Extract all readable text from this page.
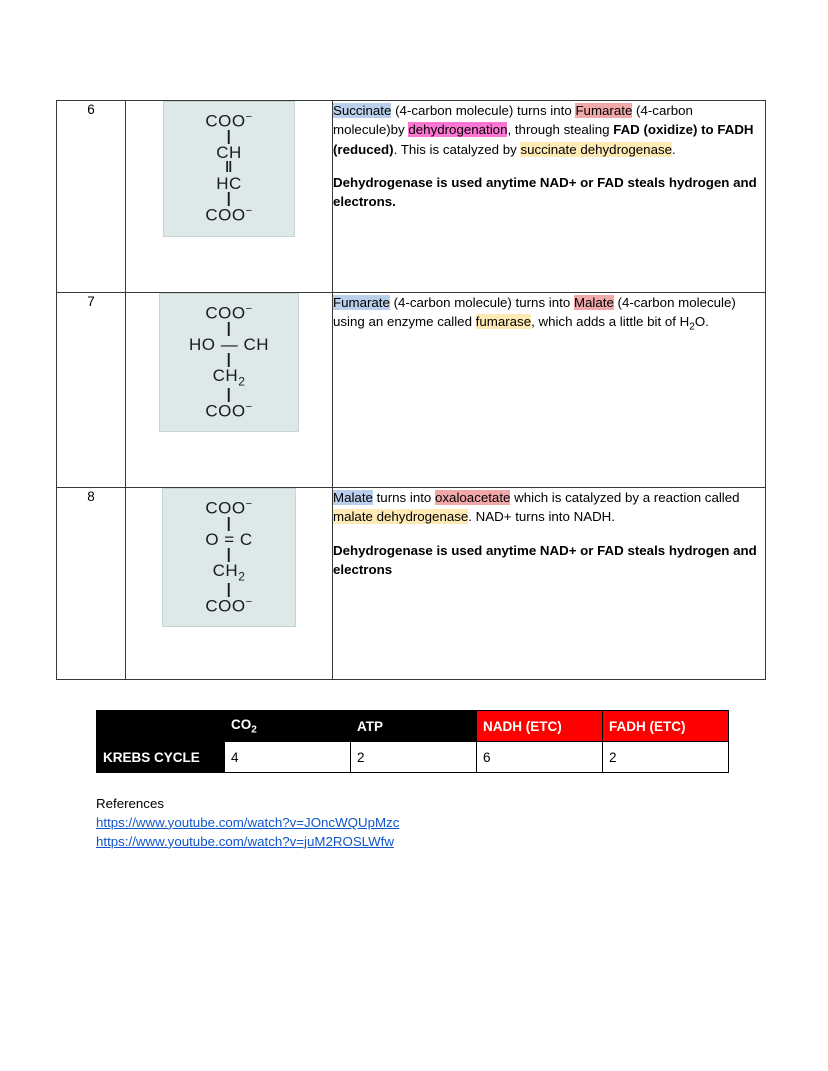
6	
COO−
|
CH
‖
HC
|
COO−

Succinate (4-carbon molecule) turns into Fumarate (4-carbon molecule)by dehydrogenation, through stealing FAD (oxidize) to FADH (reduced). This is catalyzed by succinate dehydrogenase.

Dehydrogenase is used anytime NAD+ or FAD steals hydrogen and electrons.

7	
COO−
|
HO — CH
|
$CH_2$
|
COO−

Fumarate (4-carbon molecule) turns into Malate (4-carbon molecule) using an enzyme called fumarase, which adds a little bit of $H_2O$.

8	
COO−
|
O = C
|
$CH_2$
|
COO−

Malate turns into oxaloacetate which is catalyzed by a reaction called malate dehydrogenase. NAD+ turns into NADH.

Dehydrogenase is used anytime NAD+ or FAD steals hydrogen and electrons

	$CO_2$	ATP	NADH (ETC)	FADH (ETC)
KREBS CYCLE	4	2	6	2
References
https://www.youtube.com/watch?v=JOncWQUpMzc
https://www.youtube.com/watch?v=juM2ROSLWfw
